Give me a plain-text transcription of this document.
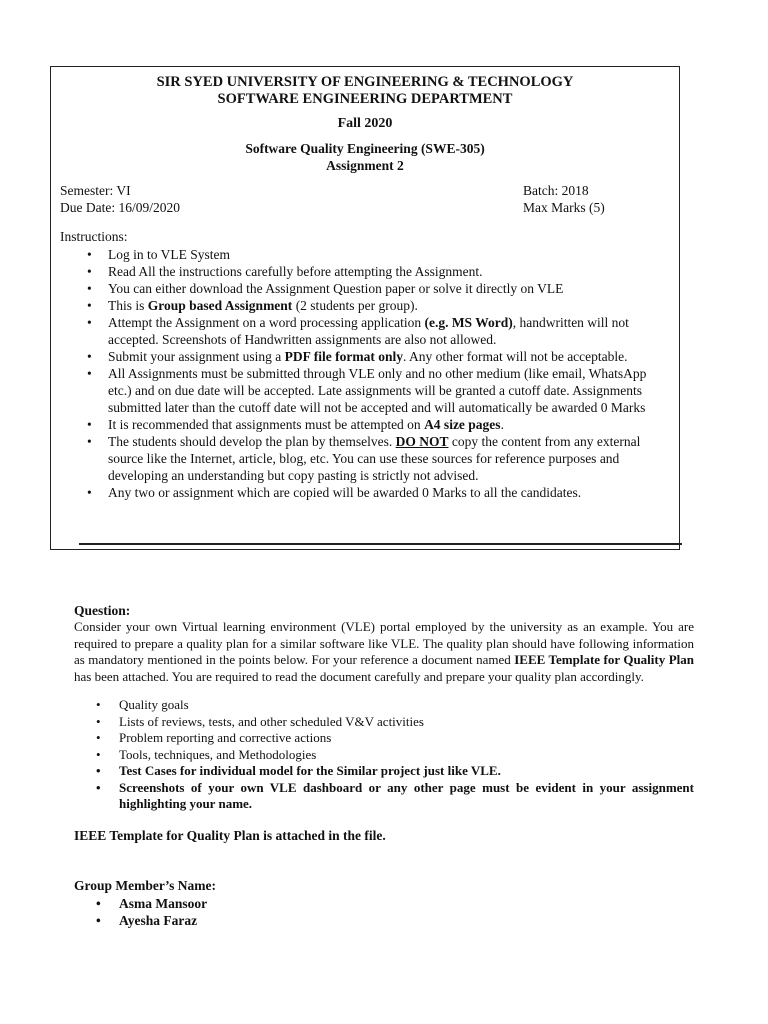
SIR SYED UNIVERSITY OF ENGINEERING & TECHNOLOGY
SOFTWARE ENGINEERING DEPARTMENT
Fall 2020
Software Quality Engineering (SWE-305)
Assignment 2
Semester: VI
Due Date: 16/09/2020
Batch: 2018
Max Marks (5)
Instructions:
•	Log in to VLE System
•	Read All the instructions carefully before attempting the Assignment.
•	You can either download the Assignment Question paper or solve it directly on VLE
•	This is Group based Assignment (2 students per group).
•	Attempt the Assignment on a word processing application (e.g. MS Word), handwritten will not accepted. Screenshots of Handwritten assignments are also not allowed.
•	Submit your assignment using a PDF file format only. Any other format will not be acceptable.
•	All Assignments must be submitted through VLE only and no other medium (like email, WhatsApp etc.) and on due date will be accepted. Late assignments will be granted a cutoff date. Assignments submitted later than the cutoff date will not be accepted and will automatically be awarded 0 Marks
•	It is recommended that assignments must be attempted on A4 size pages.
•	The students should develop the plan by themselves. DO NOT copy the content from any external source like the Internet, article, blog, etc. You can use these sources for reference purposes and developing an understanding but copy pasting is strictly not advised.
•	Any two or assignment which are copied will be awarded 0 Marks to all the candidates.
Question:
Consider your own Virtual learning environment (VLE) portal employed by the university as an example. You are required to prepare a quality plan for a similar software like VLE. The quality plan should have following information as mandatory mentioned in the points below. For your reference a document named IEEE Template for Quality Plan has been attached. You are required to read the document carefully and prepare your quality plan accordingly.
• Quality goals
• Lists of reviews, tests, and other scheduled V&V activities
• Problem reporting and corrective actions
• Tools, techniques, and Methodologies
• Test Cases for individual model for the Similar project just like VLE.
• Screenshots of your own VLE dashboard or any other page must be evident in your assignment highlighting your name.
IEEE Template for Quality Plan is attached in the file.
Group Member’s Name:
• Asma Mansoor
• Ayesha Faraz
